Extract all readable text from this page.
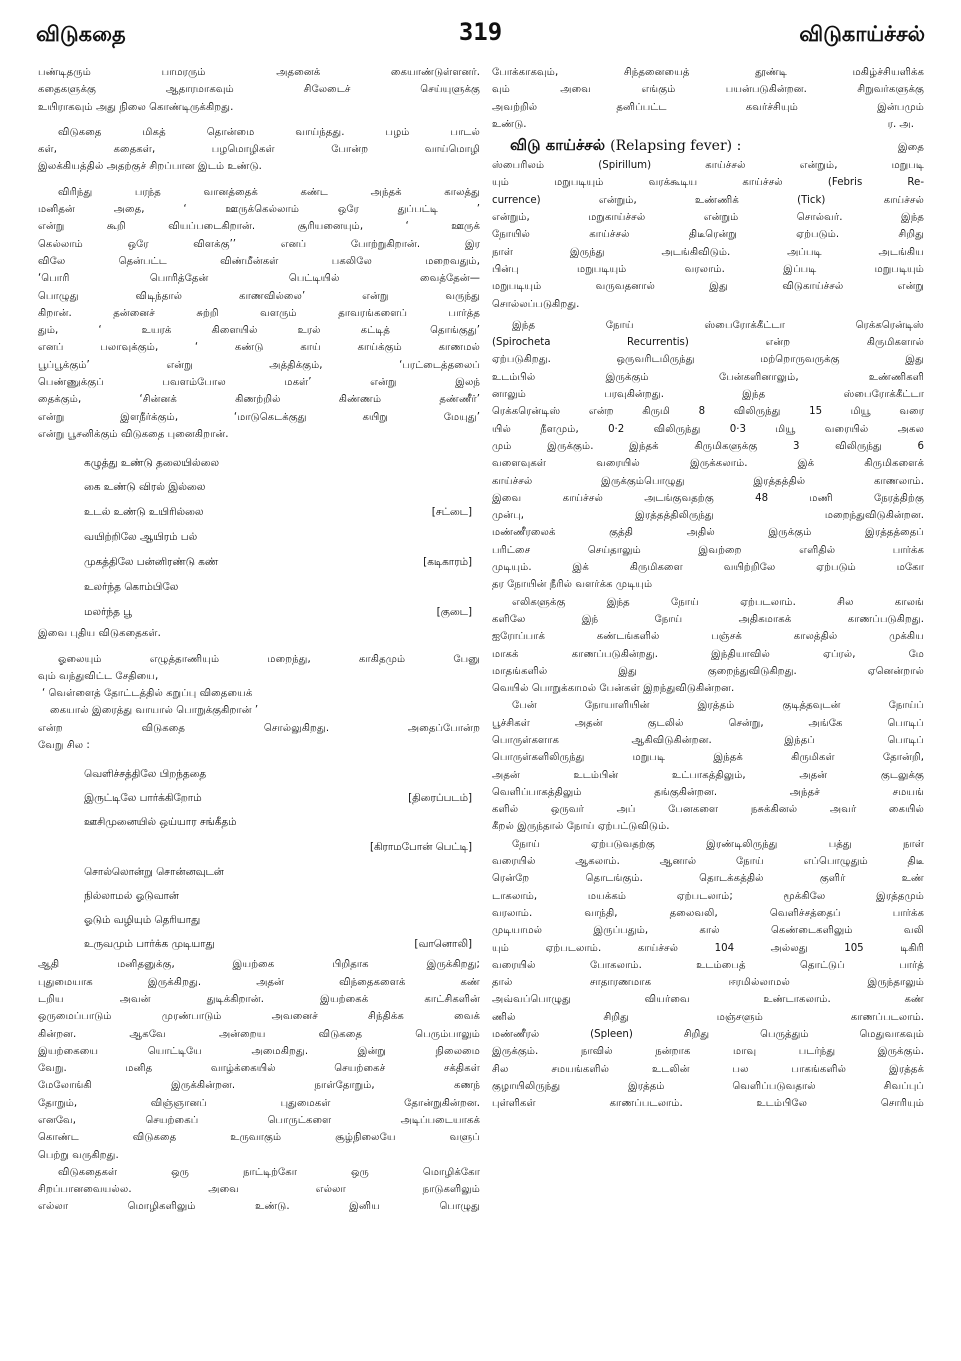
விடுகதை	319	விடுகாய்ச்சல்
பண்டிதரும் பாமரரும் அதனைக் கையாண்டுள்ளனர்.
கதைகளுக்கு ஆதாரமாகவும் சிலேடைச் செய்யுளுக்கு
உயிராகவும் அது நிலை கொண்டிருக்கிறது.
விடுகதை மிகத் தொன்மை வாய்ந்தது. பழம் பாடல்
கள், கதைகள், பழமொழிகள் போன்ற வாய்மொழி
இலக்கியத்தில் அதற்குச் சிறப்பான இடம் உண்டு.
விரிந்து பரந்த வானத்தைக் கண்ட அந்தக் காலத்து
மனிதன் அதை, ‘ ஊருக்கெல்லாம் ஒரே துப்பட்டி ’
என்று கூறி வியப்படைகிறான். சூரியனையும், ‘ ஊருக்
கெல்லாம் ஒரே விளக்கு’’ எனப் போற்றுகிறான். இர
விலே தென்பட்ட விண்மீன்கள் பகலிலே மறைவதும்,
‘பொரி பொரித்தேன் பெட்டியில் வைத்தேன்—
பொழுது விடிந்தால் காணவில்லை’ என்று வருந்து
கிறான். தன்னைச் சுற்றி வளரும் தாவரங்களைப் பார்த்த
தும், ‘ உயரக் கிளையில் உரல் கட்டித் தொங்குது’
எனப் பலாவுக்கும், ‘ கண்டு காய் காய்க்கும் காணமல்
பூப்பூக்கும்’ என்று அத்திக்கும், ‘பரட்டைத்தலைப்
பெண்ணுக்குப் பவளம்போல மகள்’ என்று இலந்
தைக்கும், ‘சின்னக் கிணற்றில் கிண்ணம் தண்ணீர்’
என்று இளநீர்க்கும், ‘மாடுகெடக்குது கயிறு மேயுது’
என்று பூசனிக்கும் விடுகதை புனைகிறான்.
கழுத்து உண்டு தலையில்லை
கை உண்டு விரல் இல்லை
உடல் உண்டு உயிரில்லை	[சட்டை]
வயிற்றிலே ஆயிரம் பல்
முகத்திலே பன்னிரண்டு கண்	[கடிகாரம்]
உலர்ந்த கொம்பிலே
மலர்ந்த பூ	[குடை]
இவை புதிய விடுகதைகள்.
ஓலையும் எழுத்தாணியும் மறைந்து, காகிதமும் பேனு
வும் வந்துவிட்ட சேதியை,
‘ வெள்ளைத் தோட்டத்தில் கறுப்பு விதையைக்
கையால் இரைத்து வாயால் பொறுக்குகிறான் ’
என்ற விடுகதை சொல்லுகிறது. அதைப்போன்ற
வேறு சில :
வெளிச்சத்திலே பிறந்ததை
இருட்டிலே பார்க்கிறோம்	[திரைப்படம்]
ஊசிமுனையில் ஒய்யார சங்கீதம்
[கிராமபோன் பெட்டி]
சொல்லொன்று சொன்னவுடன்
நில்லாமல் ஓடுவான்
ஓடும் வழியும் தெரியாது
உருவமும் பார்க்க முடியாது	[வானொலி]
ஆதி மனிதனுக்கு, இயற்கை பிறிதாக இருக்கிறது;
புதுமையாக இருக்கிறது. அதன் விந்தைகளைக் கண்
டறிய அவன் துடிக்கிறான். இயற்கைக் காட்சிகளின்
ஒருமைப்பாடும் முரண்பாடும் அவனைச் சிந்திக்க வைக்
கின்றன. ஆகவே அன்றைய விடுகதை பெரும்பாலும்
இயற்கையை யொட்டியே அமைகிறது. இன்று நிலைமை
வேறு. மனித வாழ்க்கையில் செயற்கைச் சக்திகள்
மேலோங்கி இருக்கின்றன. நாள்தோறும், கணந்
தோறும், விஞ்ஞானப் புதுமைகள் தோன்றுகின்றன.
எனவே, செயற்கைப் பொருட்களை அடிப்படையாகக்
கொண்ட விடுகதை உருவாகும் சூழ்நிலையே வளுப்
பெற்று வருகிறது.
விடுகதைகள் ஒரு நாட்டிற்கோ ஒரு மொழிக்கோ
சிறப்பானவையல்ல. அவை எல்லா நாடுகளிலும்
எல்லா மொழிகளிலும் உண்டு. இனிய பொழுது
போக்காகவும், சிந்தனையைத் தூண்டி மகிழ்ச்சியளிக்க
வும் அவை எங்கும் பயன்படுகின்றன. சிறுவர்களுக்கு
அவற்றில் தனிப்பட்ட கவர்ச்சியும் இன்பமும்
உண்டு.	ர. அ.
விடு காய்ச்சல் (Relapsing fever) :	இதை
ஸ்பைரிலம் (Spirillum) காய்ச்சல் என்றும், மறுபடி
யும் மறுபடியும் வரக்கூடிய காய்ச்சல் (Febris Re-
currence) என்றும், உண்ணிக் (Tick) காய்ச்சல்
என்றும், மறுகாய்ச்சல் என்றும் சொல்வர். இந்த
நோயில் காய்ச்சல் திடீரென்று ஏற்படும். சிறிது
நாள் இருந்து அடங்கிவிடும். அப்படி அடங்கிய
பின்பு மறுபடியும் வரலாம். இப்படி மறுபடியும்
மறுபடியும் வருவதனால் இது விடுகாய்ச்சல் என்று
சொல்லப்படுகிறது.
இந்த நோய் ஸ்பைரோக்கீட்டா ரெக்கரென்டிஸ்
(Spirocheta Recurrentis) என்ற கிருமிகளால்
ஏற்படுகிறது. ஒருவரிடமிருந்து மற்றொருவருக்கு இது
உடம்பில் இருக்கும் பேன்களினாலும், உண்ணிகளி
னாலும் பரவுகின்றது. இந்த ஸ்பைரோக்கீட்டா
ரெக்கரென்டிஸ் என்ற கிருமி 8 விலிருந்து 15 மியூ வரை
யில் நீளமும், 0·2 விலிருந்து 0·3 மியூ வரையில் அகல
மும் இருக்கும். இந்தக் கிருமிகளுக்கு 3 விலிருந்து 6
வளைவுகள் வரையில் இருக்கலாம். இக் கிருமிகளைக்
காய்ச்சல் இருக்கும்பொழுது இரத்தத்தில் காணலாம்.
இவை காய்ச்சல் அடங்குவதற்கு 48 மணி நேரத்திற்கு
முன்பு, இரத்தத்திலிருந்து மறைந்துவிடுகின்றன.
மண்ணீரலைக் குத்தி அதில் இருக்கும் இரத்தத்தைப்
பரிட்சை செய்தாலும் இவற்றை எளிதில் பார்க்க
முடியும். இக் கிருமிகளை வயிற்றிலே ஏற்படும் மகோ
தர நோயின் நீரில் வளர்க்க முடியும்
எலிகளுக்கு இந்த நோய் ஏற்படலாம். சில காலங்
களிலே இந் நோய் அதிகமாகக் காணப்படுகிறது.
ஐரோப்பாக் கண்டங்களில் பஞ்சக் காலத்தில் முக்கிய
மாகக் காணப்படுகின்றது. இந்தியாவில் ஏப்ரல், மே
மாதங்களில் இது குறைந்துவிடுகிறது. ஏனென்றால்
வெயில் பொறுக்காமல் பேன்கள் இறந்துவிடுகின்றன.
பேன் நோயாளியின் இரத்தம் குடித்தவுடன் நோய்ப்
பூச்சிகள் அதன் குடலில் சென்று, அங்கே பொடிப்
பொருள்களாக ஆகிவிடுகின்றன. இந்தப் பொடிப்
பொருள்களிலிருந்து மறுபடி இந்தக் கிருமிகள் தோன்றி,
அதன் உடம்பின் உட்பாகத்திலும், அதன் குடலுக்கு
வெளிப்பாகத்திலும் தங்குகின்றன. அந்தச் சமயங்
களில் ஒருவர் அப் பேனகளை நசுக்கினல் அவர் கையில்
கீறல் இருந்தால் நோய் ஏற்பட்டுவிடும்.
நோய் ஏற்படுவதற்கு இரண்டிலிருந்து பத்து நாள்
வரையில் ஆகலாம். ஆனால் நோய் எப்பொழுதும் திடீ
ரென்றே தொடங்கும். தொடக்கத்தில் குளிர் உண்
டாகலாம், மயக்கம் ஏற்படலாம்; மூக்கிலே இரத்தமும்
வரலாம். வாந்தி, தலைவலி, வெளிச்சத்தைப் பார்க்க
முடியாமல் இருப்பதும், கால் கெண்டைகளிலும் வலி
யும் ஏற்படலாம். காய்ச்சல் 104 அல்லது 105 டிகிரி
வரையில் போகலாம். உடம்பைத் தொட்டுப் பார்த்
தால் சாதாரணமாக ஈரமில்லாமல் இருந்தாலும்
அவ்வப்பொழுது வியர்வை உண்டாகலாம். கண்
ணில் சிறிது மஞ்சளும் காணப்படலாம்.
மண்ணீரல் (Spleen) சிறிது பெருத்தும் மெதுவாகவும்
இருக்கும். நாவில் நன்றாக மாவு படர்ந்து இருக்கும்.
சில சமயங்களில் உடலின் பல பாகங்களில் இரத்தக்
குழாயிலிருந்து இரத்தம் வெளிப்படுவதால் சிவப்புப்
புள்ளிகள் காணப்படலாம். உடம்பிலே சொரியும்
